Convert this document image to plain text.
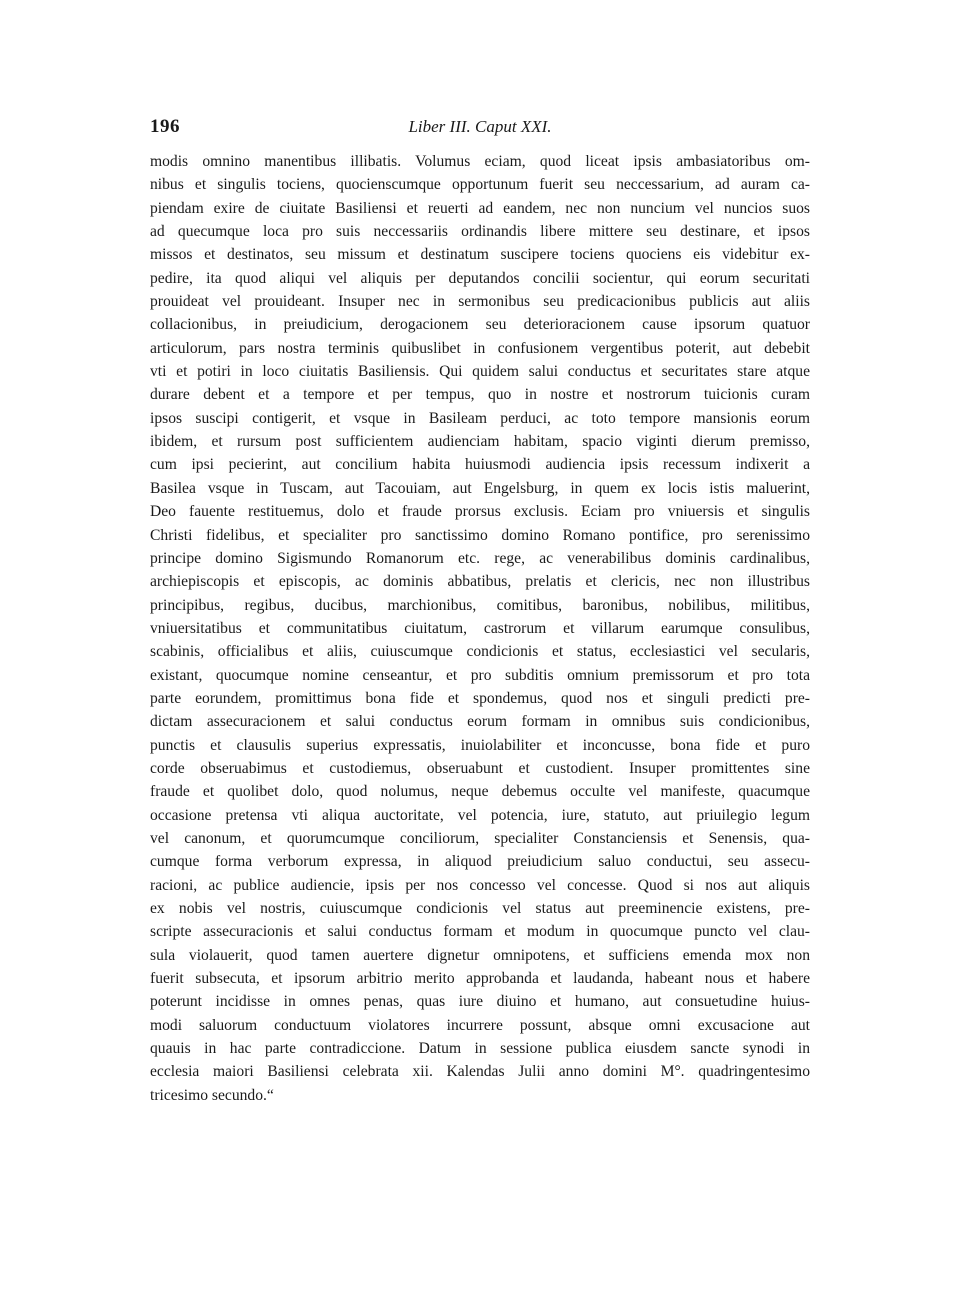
196	Liber III. Caput XXI.
modis omnino manentibus illibatis. Volumus eciam, quod liceat ipsis ambasiatoribus om-
nibus et singulis tociens, quocienscumque opportunum fuerit seu neccessarium, ad auram ca-
piendam exire de ciuitate Basiliensi et reuerti ad eandem, nec non nuncium vel nuncios suos
ad quecumque loca pro suis neccessariis ordinandis libere mittere seu destinare, et ipsos
missos et destinatos, seu missum et destinatum suscipere tociens quociens eis videbitur ex-
pedire, ita quod aliqui vel aliquis per deputandos concilii socientur, qui eorum securitati
prouideat vel prouideant. Insuper nec in sermonibus seu predicacionibus publicis aut aliis
collacionibus, in preiudicium, derogacionem seu deterioracionem cause ipsorum quatuor
articulorum, pars nostra terminis quibuslibet in confusionem vergentibus poterit, aut debebit
vti et potiri in loco ciuitatis Basiliensis. Qui quidem salui conductus et securitates stare atque
durare debent et a tempore et per tempus, quo in nostre et nostrorum tuicionis curam
ipsos suscipi contigerit, et vsque in Basileam perduci, ac toto tempore mansionis eorum
ibidem, et rursum post sufficientem audienciam habitam, spacio viginti dierum premisso,
cum ipsi pecierint, aut concilium habita huiusmodi audiencia ipsis recessum indixerit a
Basilea vsque in Tuscam, aut Tacouiam, aut Engelsburg, in quem ex locis istis maluerint,
Deo fauente restituemus, dolo et fraude prorsus exclusis. Eciam pro vniuersis et singulis
Christi fidelibus, et specialiter pro sanctissimo domino Romano pontifice, pro serenissimo
principe domino Sigismundo Romanorum etc. rege, ac venerabilibus dominis cardinalibus,
archiepiscopis et episcopis, ac dominis abbatibus, prelatis et clericis, nec non illustribus
principibus, regibus, ducibus, marchionibus, comitibus, baronibus, nobilibus, militibus,
vniuersitatibus et communitatibus ciuitatum, castrorum et villarum earumque consulibus,
scabinis, officialibus et aliis, cuiuscumque condicionis et status, ecclesiastici vel secularis,
existant, quocumque nomine censeantur, et pro subditis omnium premissorum et pro tota
parte eorundem, promittimus bona fide et spondemus, quod nos et singuli predicti pre-
dictam assecuracionem et salui conductus eorum formam in omnibus suis condicionibus,
punctis et clausulis superius expressatis, inuiolabiliter et inconcusse, bona fide et puro
corde obseruabimus et custodiemus, obseruabunt et custodient. Insuper promittentes sine
fraude et quolibet dolo, quod nolumus, neque debemus occulte vel manifeste, quacumque
occasione pretensa vti aliqua auctoritate, vel potencia, iure, statuto, aut priuilegio legum
vel canonum, et quorumcumque conciliorum, specialiter Constanciensis et Senensis, qua-
cumque forma verborum expressa, in aliquod preiudicium saluo conductui, seu assecu-
racioni, ac publice audiencie, ipsis per nos concesso vel concesse. Quod si nos aut aliquis
ex nobis vel nostris, cuiuscumque condicionis vel status aut preeminencie existens, pre-
scripte assecuracionis et salui conductus formam et modum in quocumque puncto vel clau-
sula violauerit, quod tamen auertere dignetur omnipotens, et sufficiens emenda mox non
fuerit subsecuta, et ipsorum arbitrio merito approbanda et laudanda, habeant nous et habere
poterunt incidisse in omnes penas, quas iure diuino et humano, aut consuetudine huius-
modi saluorum conductuum violatores incurrere possunt, absque omni excusacione aut
quauis in hac parte contradiccione. Datum in sessione publica eiusdem sancte synodi in
ecclesia maiori Basiliensi celebrata xii. Kalendas Julii anno domini M°. quadringentesimo
tricesimo secundo.“
